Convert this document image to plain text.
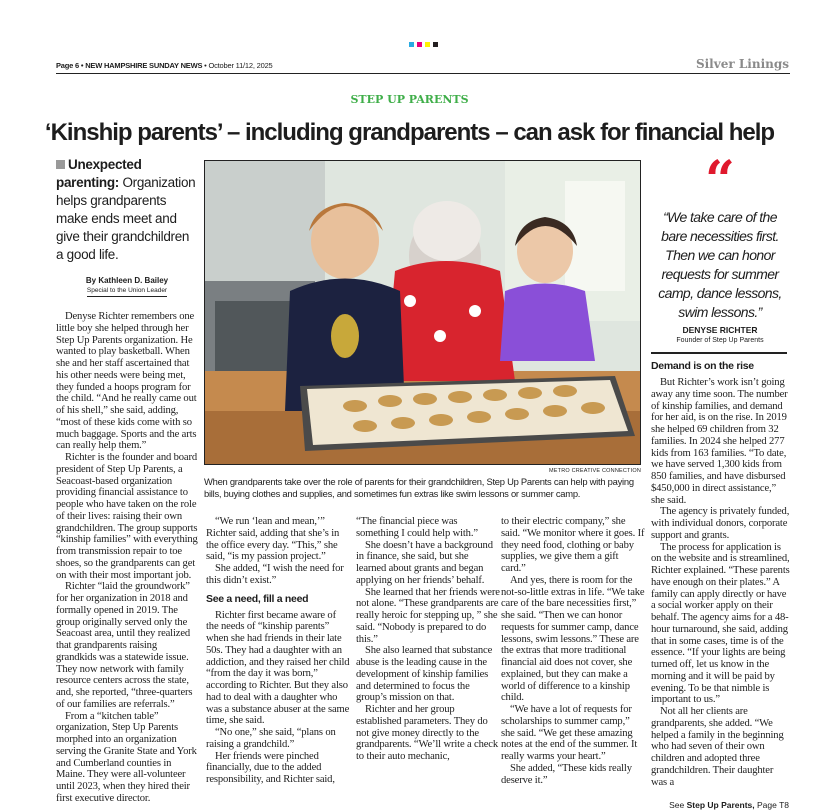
Page 6 • NEW HAMPSHIRE SUNDAY NEWS • October 11/12, 2025	Silver Linings
STEP UP PARENTS
‘Kinship parents’ – including grandparents – can ask for financial help
Unexpected parenting: Organization helps grandparents make ends meet and give their grandchildren a good life.
By Kathleen D. Bailey
Special to the Union Leader

Denyse Richter remembers one little boy she helped through her Step Up Parents organization. He wanted to play basketball. When she and her staff ascertained that his other needs were being met, they funded a hoops program for the child. “And he really came out of his shell,” she said, adding, “most of these kids come with so much baggage. Sports and the arts can really help them.”

Richter is the founder and board president of Step Up Parents, a Seacoast-based organization providing financial assistance to people who have taken on the role of their lives: raising their own grandchildren. The group supports “kinship families” with everything from transmission repair to toe shoes, so the grandparents can get on with their most important job.

Richter “laid the groundwork” for her organization in 2018 and formally opened in 2019. The group originally served only the Seacoast area, until they realized that grandparents raising grandkids was a statewide issue. They now network with family resource centers across the state, and, she reported, “three-quarters of our families are referrals.”

From a “kitchen table” organization, Step Up Parents morphed into an organization serving the Granite State and York and Cumberland counties in Maine. They were all-volunteer until 2023, when they hired their first executive director.

METRO CREATIVE CONNECTION
When grandparents take over the role of parents for their grandchildren, Step Up Parents can help with paying bills, buying clothes and supplies, and sometimes fun extras like swim lessons or summer camp.

“We run ‘lean and mean,’” Richter said, adding that she’s in the office every day. “This,” she said, “is my passion project.”

She added, “I wish the need for this didn’t exist.”

See a need, fill a need

Richter first became aware of the needs of “kinship parents” when she had friends in their late 50s. They had a daughter with an addiction, and they raised her child “from the day it was born,” according to Richter. But they also had to deal with a daughter who was a substance abuser at the same time, she said.

“No one,” she said, “plans on raising a grandchild.”

Her friends were pinched financially, due to the added responsibility, and Richter said,

“The financial piece was something I could help with.”

She doesn’t have a background in finance, she said, but she learned about grants and began applying on her friends’ behalf.

She learned that her friends were not alone. “These grandparents are really heroic for stepping up, ” she said. “Nobody is prepared to do this.”

She also learned that substance abuse is the leading cause in the development of kinship families and determined to focus the group’s mission on that.

Richter and her group established parameters. They do not give money directly to the grandparents. “We’ll write a check to their auto mechanic,

to their electric company,” she said. “We monitor where it goes. If they need food, clothing or baby supplies, we give them a gift card.”

And yes, there is room for the not-so-little extras in life. “We take care of the bare necessities first,” she said. “Then we can honor requests for summer camp, dance lessons, swim lessons.” These are the extras that more traditional financial aid does not cover, she explained, but they can make a world of difference to a kinship child.

“We have a lot of requests for scholarships to summer camp,” she said. “We get these amazing notes at the end of the summer. It really warms your heart.”

She added, “These kids really deserve it.”

“
“We take care of the bare necessities first. Then we can honor requests for summer camp, dance lessons, swim lessons.”
DENYSE RICHTER
Founder of Step Up Parents
Demand is on the rise

But Richter’s work isn’t going away any time soon. The number of kinship families, and demand for her aid, is on the rise. In 2019 she helped 69 children from 32 families. In 2024 she helped 277 kids from 163 families. “To date, we have served 1,300 kids from 850 families, and have disbursed $450,000 in direct assistance,” she said.

The agency is privately funded, with individual donors, corporate support and grants.

The process for application is on the website and is streamlined, Richter explained. “These parents have enough on their plates.” A family can apply directly or have a social worker apply on their behalf. The agency aims for a 48-hour turnaround, she said, adding that in some cases, time is of the essence. “If your lights are being turned off, let us know in the morning and it will be paid by evening. To be that nimble is important to us.”

Not all her clients are grandparents, she added. “We helped a family in the beginning who had seven of their own children and adopted three grandchildren. Their daughter was a

See Step Up Parents, Page T8
